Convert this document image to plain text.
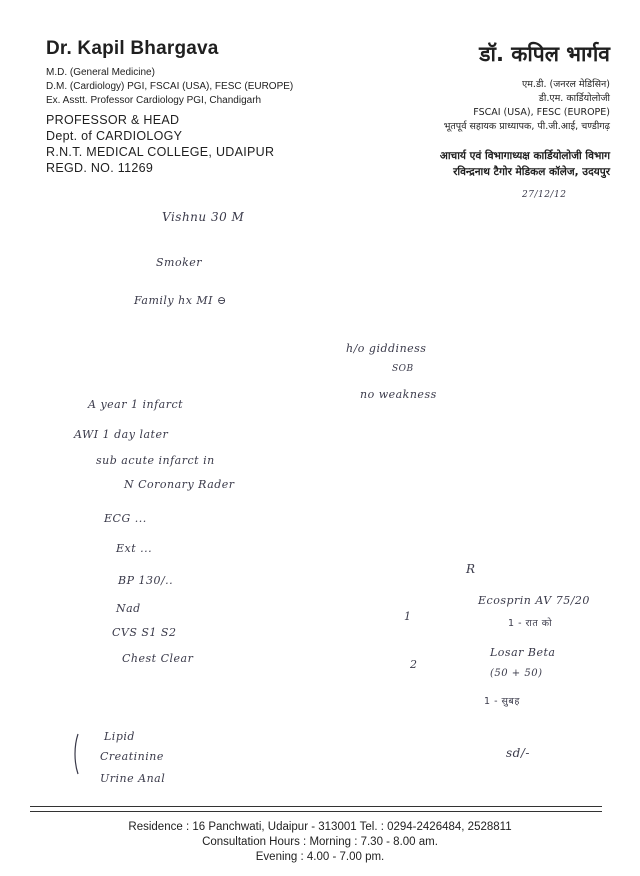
Dr. Kapil Bhargava
M.D. (General Medicine)
D.M. (Cardiology) PGI, FSCAI (USA), FESC (EUROPE)
Ex. Asstt. Professor Cardiology PGI, Chandigarh
PROFESSOR & HEAD
Dept. of CARDIOLOGY
R.N.T. MEDICAL COLLEGE, UDAIPUR
REGD. NO. 11269
डॉ. कपिल भार्गव
एम.डी. (जनरल मेडिसिन)
डी.एम. कार्डियोलोजी
FSCAI (USA), FESC (EUROPE)
भूतपूर्व सहायक प्राध्यापक, पी.जी.आई, चण्डीगढ़
आचार्य एवं विभागाध्यक्ष कार्डियोलोजी विभाग
रविन्द्रनाथ टैगोर मेडिकल कॉलेज, उदयपुर
27/12/12
Vishnu 30 M
Smoker
Family hx MI ⊖
h/o giddiness
SOB
no weakness
A year 1 infarct
AWI 1 day later
sub acute infarct in
N Coronary Rader
ECG ...
Ext ...
BP 130/..
Nad
CVS S1 S2
Chest Clear
R
1
Ecosprin AV 75/20
1 - रात को
2
Losar Beta
(50 + 50)
1 - सुबह
Lipid
Creatinine
Urine Anal
sd/-
Residence : 16 Panchwati, Udaipur - 313001 Tel. : 0294-2426484, 2528811
Consultation Hours : Morning : 7.30 - 8.00 am.
Evening : 4.00 - 7.00 pm.
